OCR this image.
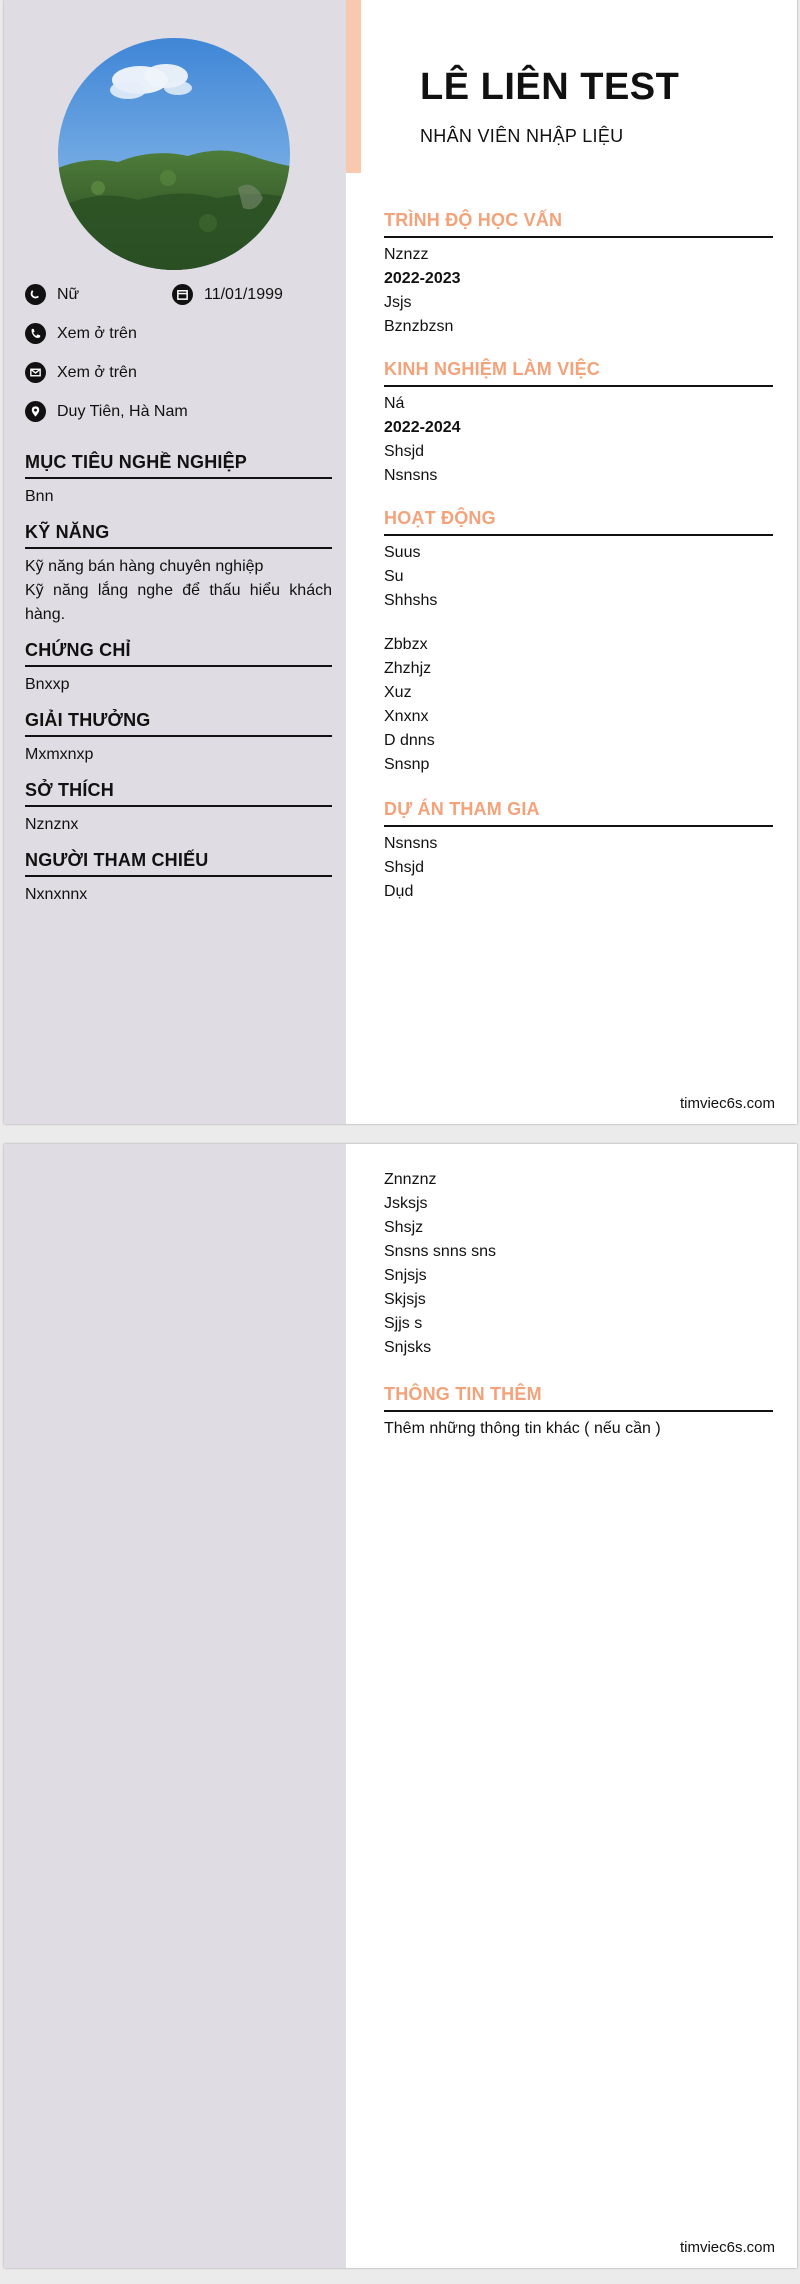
Nữ	11/01/1999
Xem ở trên
Xem ở trên
Duy Tiên, Hà Nam
MỤC TIÊU NGHỀ NGHIỆP
Bnn
KỸ NĂNG
Kỹ năng bán hàng chuyên nghiệp
Kỹ năng lắng nghe để thấu hiểu khách hàng.
CHỨNG CHỈ
Bnxxp
GIẢI THƯỞNG
Mxmxnxp
SỞ THÍCH
Nznznx
NGƯỜI THAM CHIẾU
Nxnxnnx
LÊ LIÊN TEST
NHÂN VIÊN NHẬP LIỆU
TRÌNH ĐỘ HỌC VẤN
Nznzz
2022-2023
Jsjs
Bznzbzsn
KINH NGHIỆM LÀM VIỆC
Ná
2022-2024
Shsjd
Nsnsns
HOẠT ĐỘNG
Suus
Su
Shhshs
Zbbzx
Zhzhjz
Xuz
Xnxnx
D dnns
Snsnp
DỰ ÁN THAM GIA
Nsnsns
Shsjd
Dụd
timviec6s.com
Znnznz
Jsksjs
Shsjz
Snsns snns sns
Snjsjs
Skjsjs
Sjjs s
Snjsks
THÔNG TIN THÊM
Thêm những thông tin khác ( nếu cần )
timviec6s.com
